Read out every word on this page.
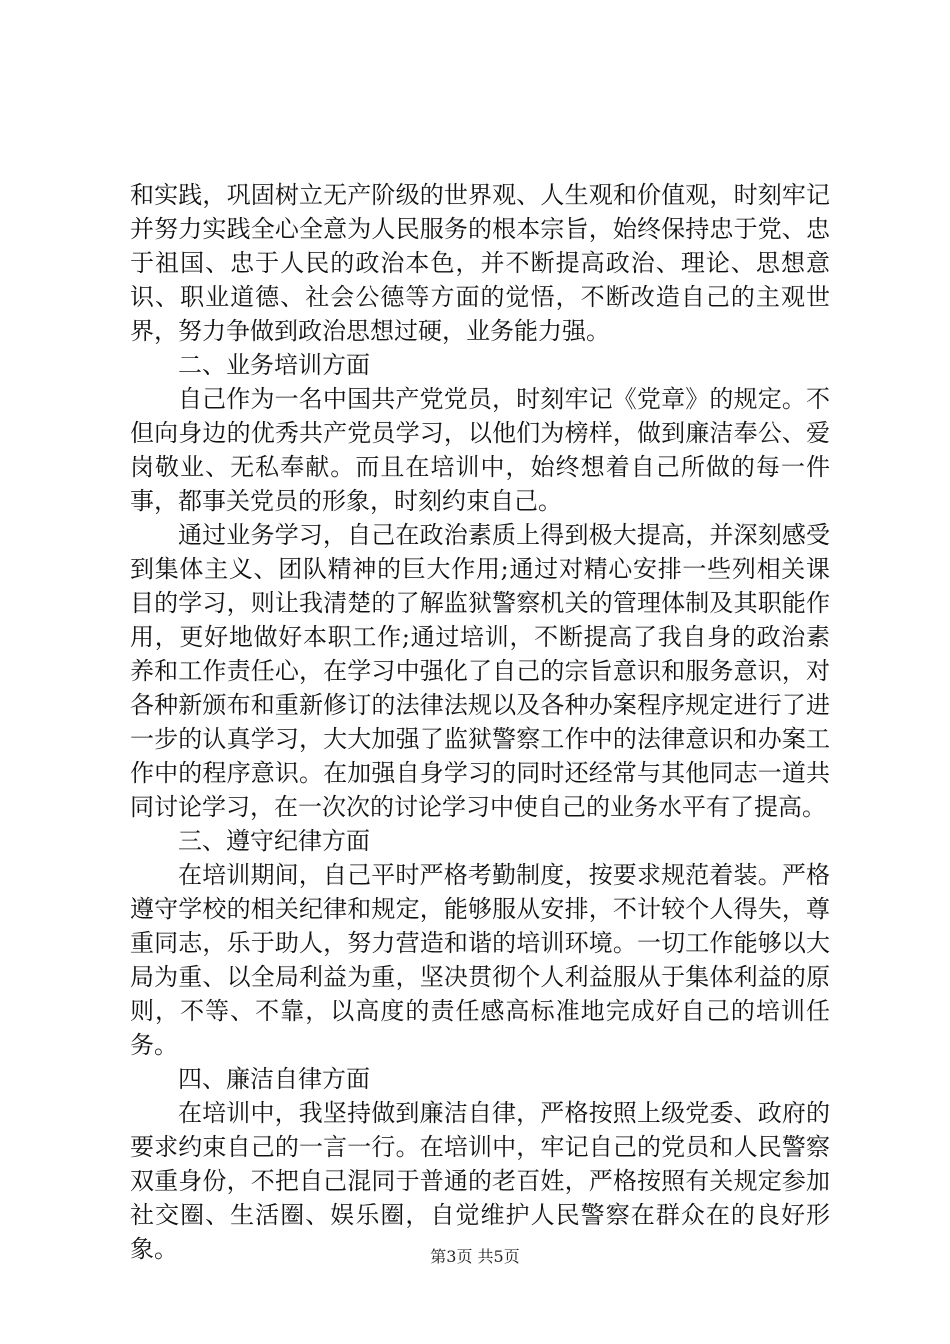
和实践，巩固树立无产阶级的世界观、人生观和价值观，时刻牢记并努力实践全心全意为人民服务的根本宗旨，始终保持忠于党、忠于祖国、忠于人民的政治本色，并不断提高政治、理论、思想意识、职业道德、社会公德等方面的觉悟，不断改造自己的主观世界，努力争做到政治思想过硬，业务能力强。

二、业务培训方面

自己作为一名中国共产党党员，时刻牢记《党章》的规定。不但向身边的优秀共产党员学习，以他们为榜样，做到廉洁奉公、爱岗敬业、无私奉献。而且在培训中，始终想着自己所做的每一件事，都事关党员的形象，时刻约束自己。

通过业务学习，自己在政治素质上得到极大提高，并深刻感受到集体主义、团队精神的巨大作用;通过对精心安排一些列相关课目的学习，则让我清楚的了解监狱警察机关的管理体制及其职能作用，更好地做好本职工作;通过培训，不断提高了我自身的政治素养和工作责任心，在学习中强化了自己的宗旨意识和服务意识，对各种新颁布和重新修订的法律法规以及各种办案程序规定进行了进一步的认真学习，大大加强了监狱警察工作中的法律意识和办案工作中的程序意识。在加强自身学习的同时还经常与其他同志一道共同讨论学习，在一次次的讨论学习中使自己的业务水平有了提高。

三、遵守纪律方面

在培训期间，自己平时严格考勤制度，按要求规范着装。严格遵守学校的相关纪律和规定，能够服从安排，不计较个人得失，尊重同志，乐于助人，努力营造和谐的培训环境。一切工作能够以大局为重、以全局利益为重，坚决贯彻个人利益服从于集体利益的原则，不等、不靠，以高度的责任感高标准地完成好自己的培训任务。

四、廉洁自律方面

在培训中，我坚持做到廉洁自律，严格按照上级党委、政府的要求约束自己的一言一行。在培训中，牢记自己的党员和人民警察双重身份，不把自己混同于普通的老百姓，严格按照有关规定参加社交圈、生活圈、娱乐圈，自觉维护人民警察在群众在的良好形象。	第3页 共5页
